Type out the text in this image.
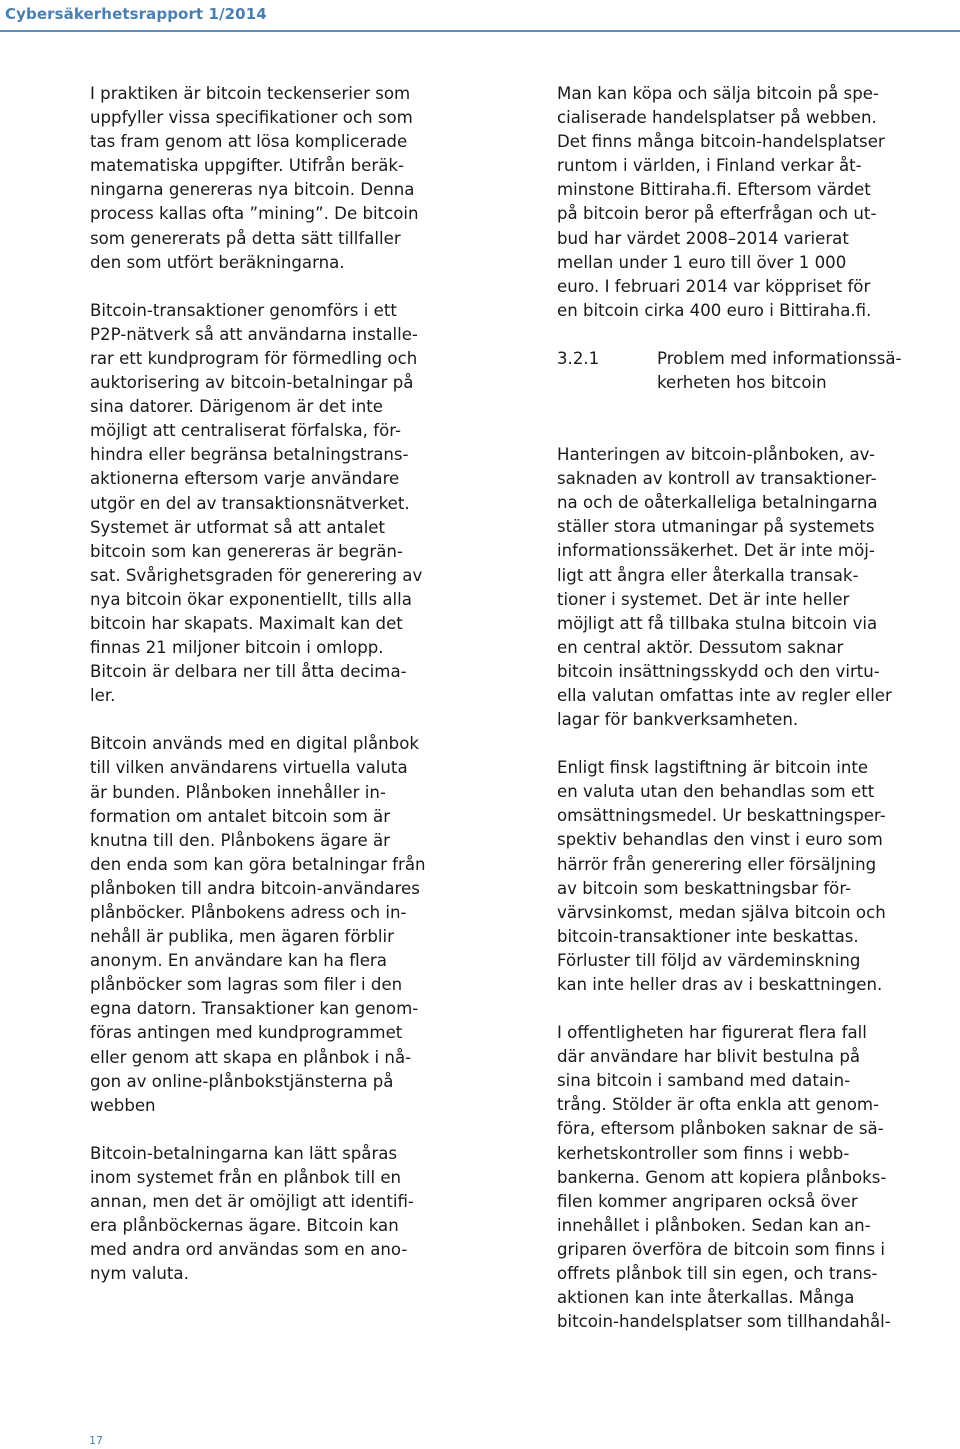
Cybersäkerhetsrapport 1/2014

I praktiken är bitcoin teckenserier som
uppfyller vissa specifikationer och som
tas fram genom att lösa komplicerade
matematiska uppgifter. Utifrån beräk-
ningarna genereras nya bitcoin. Denna
process kallas ofta ”mining”. De bitcoin
som genererats på detta sätt tillfaller
den som utfört beräkningarna.

Bitcoin-transaktioner genomförs i ett
P2P-nätverk så att användarna installe-
rar ett kundprogram för förmedling och
auktorisering av bitcoin-betalningar på
sina datorer. Därigenom är det inte
möjligt att centraliserat förfalska, för-
hindra eller begränsa betalningstrans-
aktionerna eftersom varje användare
utgör en del av transaktionsnätverket.
Systemet är utformat så att antalet
bitcoin som kan genereras är begrän-
sat. Svårighetsgraden för generering av
nya bitcoin ökar exponentiellt, tills alla
bitcoin har skapats. Maximalt kan det
finnas 21 miljoner bitcoin i omlopp.
Bitcoin är delbara ner till åtta decima-
ler.

Bitcoin används med en digital plånbok
till vilken användarens virtuella valuta
är bunden. Plånboken innehåller in-
formation om antalet bitcoin som är
knutna till den. Plånbokens ägare är
den enda som kan göra betalningar från
plånboken till andra bitcoin-användares
plånböcker. Plånbokens adress och in-
nehåll är publika, men ägaren förblir
anonym. En användare kan ha flera
plånböcker som lagras som filer i den
egna datorn. Transaktioner kan genom-
föras antingen med kundprogrammet
eller genom att skapa en plånbok i nå-
gon av online-plånbokstjänsterna på
webben

Bitcoin-betalningarna kan lätt spåras
inom systemet från en plånbok till en
annan, men det är omöjligt att identifi-
era plånböckernas ägare. Bitcoin kan
med andra ord användas som en ano-
nym valuta.

Man kan köpa och sälja bitcoin på spe-
cialiserade handelsplatser på webben.
Det finns många bitcoin-handelsplatser
runtom i världen, i Finland verkar åt-
minstone Bittiraha.fi. Eftersom värdet
på bitcoin beror på efterfrågan och ut-
bud har värdet 2008–2014 varierat
mellan under 1 euro till över 1 000
euro. I februari 2014 var köppriset för
en bitcoin cirka 400 euro i Bittiraha.fi.

3.2.1	Problem med informationssä-
kerheten hos bitcoin

Hanteringen av bitcoin-plånboken, av-
saknaden av kontroll av transaktioner-
na och de oåterkalleliga betalningarna
ställer stora utmaningar på systemets
informationssäkerhet. Det är inte möj-
ligt att ångra eller återkalla transak-
tioner i systemet. Det är inte heller
möjligt att få tillbaka stulna bitcoin via
en central aktör. Dessutom saknar
bitcoin insättningsskydd och den virtu-
ella valutan omfattas inte av regler eller
lagar för bankverksamheten.

Enligt finsk lagstiftning är bitcoin inte
en valuta utan den behandlas som ett
omsättningsmedel. Ur beskattningsper-
spektiv behandlas den vinst i euro som
härrör från generering eller försäljning
av bitcoin som beskattningsbar för-
värvsinkomst, medan själva bitcoin och
bitcoin-transaktioner inte beskattas.
Förluster till följd av värdeminskning
kan inte heller dras av i beskattningen.

I offentligheten har figurerat flera fall
där användare har blivit bestulna på
sina bitcoin i samband med datain-
trång. Stölder är ofta enkla att genom-
föra, eftersom plånboken saknar de sä-
kerhetskontroller som finns i webb-
bankerna. Genom att kopiera plånboks-
filen kommer angriparen också över
innehållet i plånboken. Sedan kan an-
griparen överföra de bitcoin som finns i
offrets plånbok till sin egen, och trans-
aktionen kan inte återkallas. Många
bitcoin-handelsplatser som tillhandahål-

17
